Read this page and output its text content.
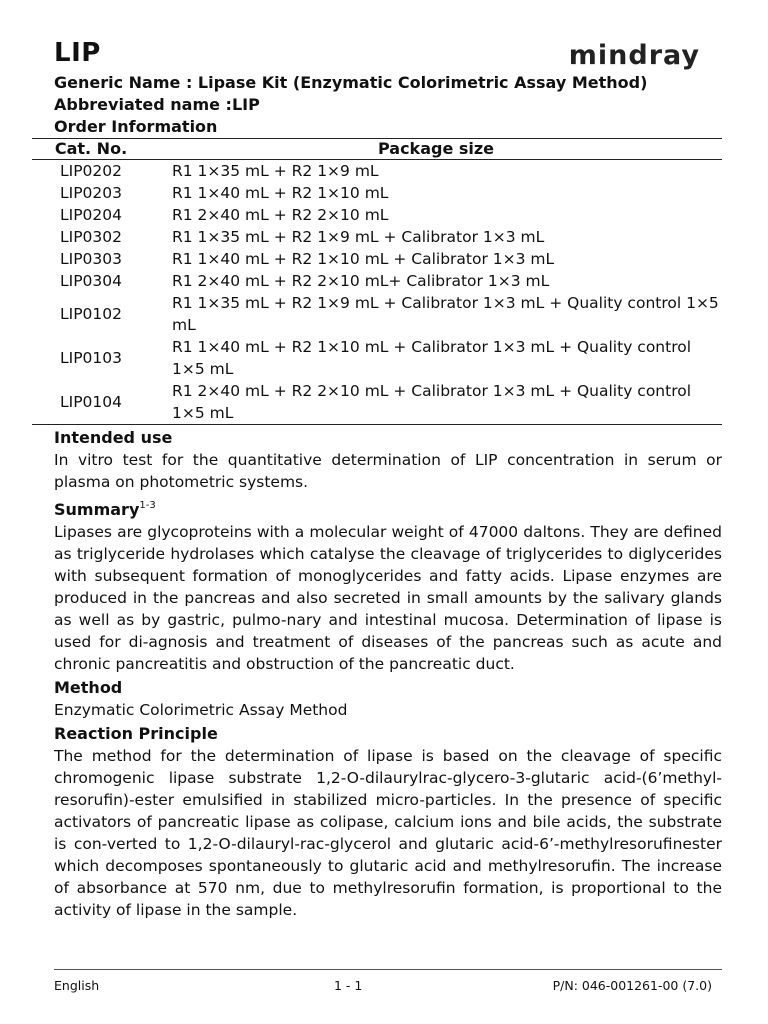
LIP	mindray
Generic Name : Lipase Kit (Enzymatic Colorimetric Assay Method)
Abbreviated name :LIP
Order Information
Cat. No.	Package size
LIP0202	R1 1×35 mL + R2 1×9 mL
LIP0203	R1 1×40 mL + R2 1×10 mL
LIP0204	R1 2×40 mL + R2 2×10 mL
LIP0302	R1 1×35 mL + R2 1×9 mL + Calibrator 1×3 mL
LIP0303	R1 1×40 mL + R2 1×10 mL + Calibrator 1×3 mL
LIP0304	R1 2×40 mL + R2 2×10 mL+ Calibrator 1×3 mL
LIP0102	R1 1×35 mL + R2 1×9 mL + Calibrator 1×3 mL + Quality control 1×5 mL
LIP0103	R1 1×40 mL + R2 1×10 mL + Calibrator 1×3 mL + Quality control 1×5 mL
LIP0104	R1 2×40 mL + R2 2×10 mL + Calibrator 1×3 mL + Quality control 1×5 mL
Intended use

In vitro test for the quantitative determination of LIP concentration in serum or plasma on photometric systems.

Summary$^{1-3}$

Lipases are glycoproteins with a molecular weight of 47000 daltons. They are defined as triglyceride hydrolases which catalyse the cleavage of triglycerides to diglycerides with subsequent formation of monoglycerides and fatty acids. Lipase enzymes are produced in the pancreas and also secreted in small amounts by the salivary glands as well as by gastric, pulmo-nary and intestinal mucosa. Determination of lipase is used for di-agnosis and treatment of diseases of the pancreas such as acute and chronic pancreatitis and obstruction of the pancreatic duct.

Method

Enzymatic Colorimetric Assay Method

Reaction Principle

The method for the determination of lipase is based on the cleavage of specific chromogenic lipase substrate 1,2-O-dilaurylrac-glycero-3-glutaric acid-(6’methyl-resorufin)-ester emulsified in stabilized micro-particles. In the presence of specific activators of pancreatic lipase as colipase, calcium ions and bile acids, the substrate is con-verted to 1,2-O-dilauryl-rac-glycerol and glutaric acid-6’-methylresorufinester which decomposes spontaneously to glutaric acid and methylresorufin. The increase of absorbance at 570 nm, due to methylresorufin formation, is proportional to the activity of lipase in the sample.

English	1 - 1	P/N: 046-001261-00 (7.0)
